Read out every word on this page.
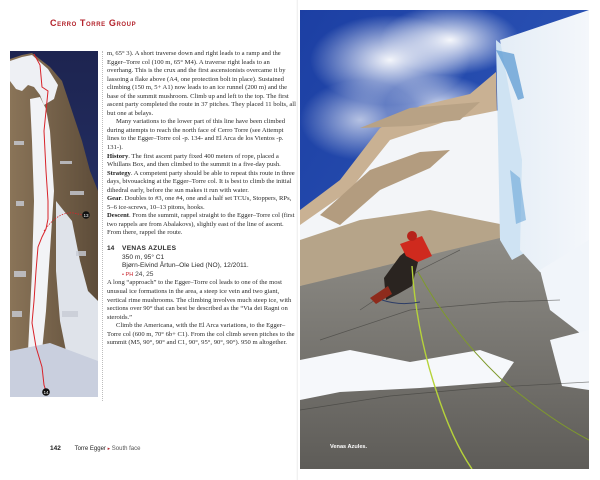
Cerro Torre Group
13
14

m, 65° 3). A short traverse down and right leads to a ramp and the Egger–Torre col (100 m, 65° M4). A traverse right leads to an overhang. This is the crux and the first ascensionists overcame it by lassoing a flake above (A4, one protection bolt in place). Sustained climbing (150 m, 5+ A1) now leads to an ice runnel (200 m) and the base of the summit mushroom. Climb up and left to the top. The first ascent party completed the route in 37 pitches. They placed 11 bolts, all but one at belays.

Many variations to the lower part of this line have been climbed during attempts to reach the north face of Cerro Torre (see Attempt lines to the Egger–Torre col -p. 134- and El Arca de los Vientos -p. 131-).

History. The first ascent party fixed 400 meters of rope, placed a Whillans Box, and then climbed to the summit in a five-day push.

Strategy. A competent party should be able to repeat this route in three days, bivouacking at the Egger–Torre col. It is best to climb the initial dihedral early, before the sun makes it run with water.

Gear. Doubles to #3, one #4, one and a half set TCUs, Stoppers, RPs, 5–6 ice-screws, 10–13 pitons, hooks.

Descent. From the summit, rappel straight to the Egger–Torre col (first two rappels are from Abalakovs), slightly east of the line of ascent. From there, rappel the route.

14 VENAS AZULES
350 m, 95° C1
Bjørn-Eivind Årtun–Ole Lied (NO), 12/2011.
• PH 24, 25

A long “approach” to the Egger–Torre col leads to one of the most unusual ice formations in the area, a steep ice vein and two giant, vertical rime mushrooms. The climbing involves much steep ice, with sections over 90° that can best be described as the “Via dei Ragni on steroids.”

Climb the Americana, with the El Arca variations, to the Egger–Torre col (600 m, 70° 6b+ C1). From the col climb seven pitches to the summit (M5, 90°, 90° and C1, 90°, 95°, 90°, 90°). 950 m altogether.

142 Torre Egger ▸ South face	Venas Azules.
